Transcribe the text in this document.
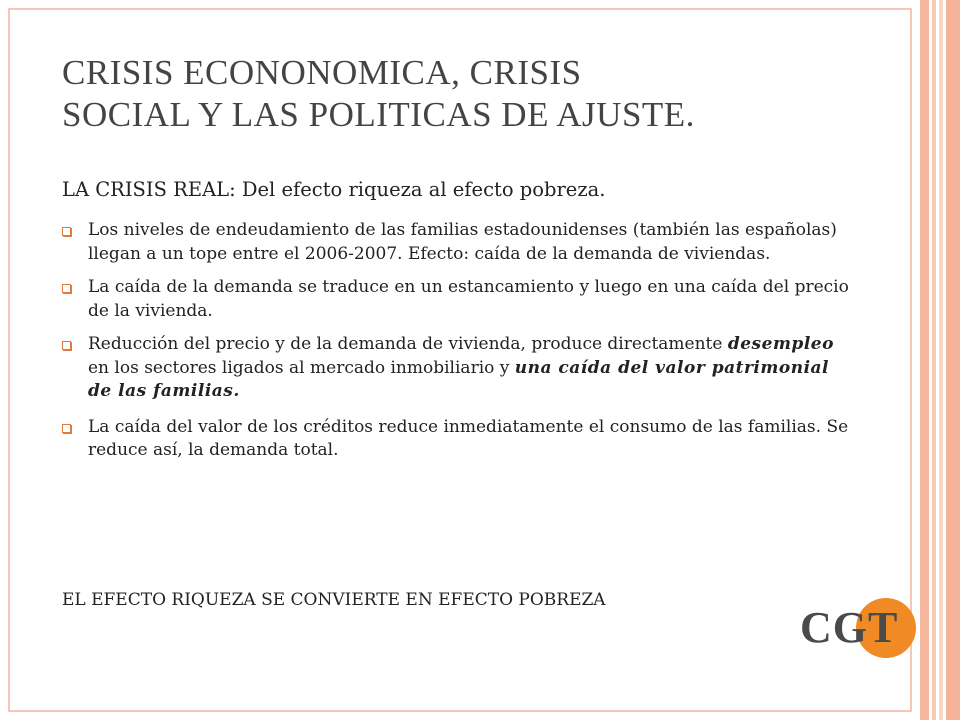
CRISIS ECONONOMICA, CRISIS
SOCIAL Y LAS POLITICAS DE AJUSTE.

LA CRISIS REAL: Del efecto riqueza al efecto pobreza.

Los niveles de endeudamiento de las familias estadounidenses (también las españolas) llegan a un tope entre el 2006-2007. Efecto: caída de la demanda de viviendas.
La caída de la demanda se traduce en un estancamiento y luego en una caída del precio de la vivienda.
Reducción del precio y de la demanda de vivienda, produce directamente desempleo en los sectores ligados al mercado inmobiliario y una caída del valor patrimonial de las familias.
La caída del valor de los créditos reduce inmediatamente el consumo de las familias. Se reduce así, la demanda total.

EL EFECTO RIQUEZA SE CONVIERTE EN EFECTO POBREZA

CGT
